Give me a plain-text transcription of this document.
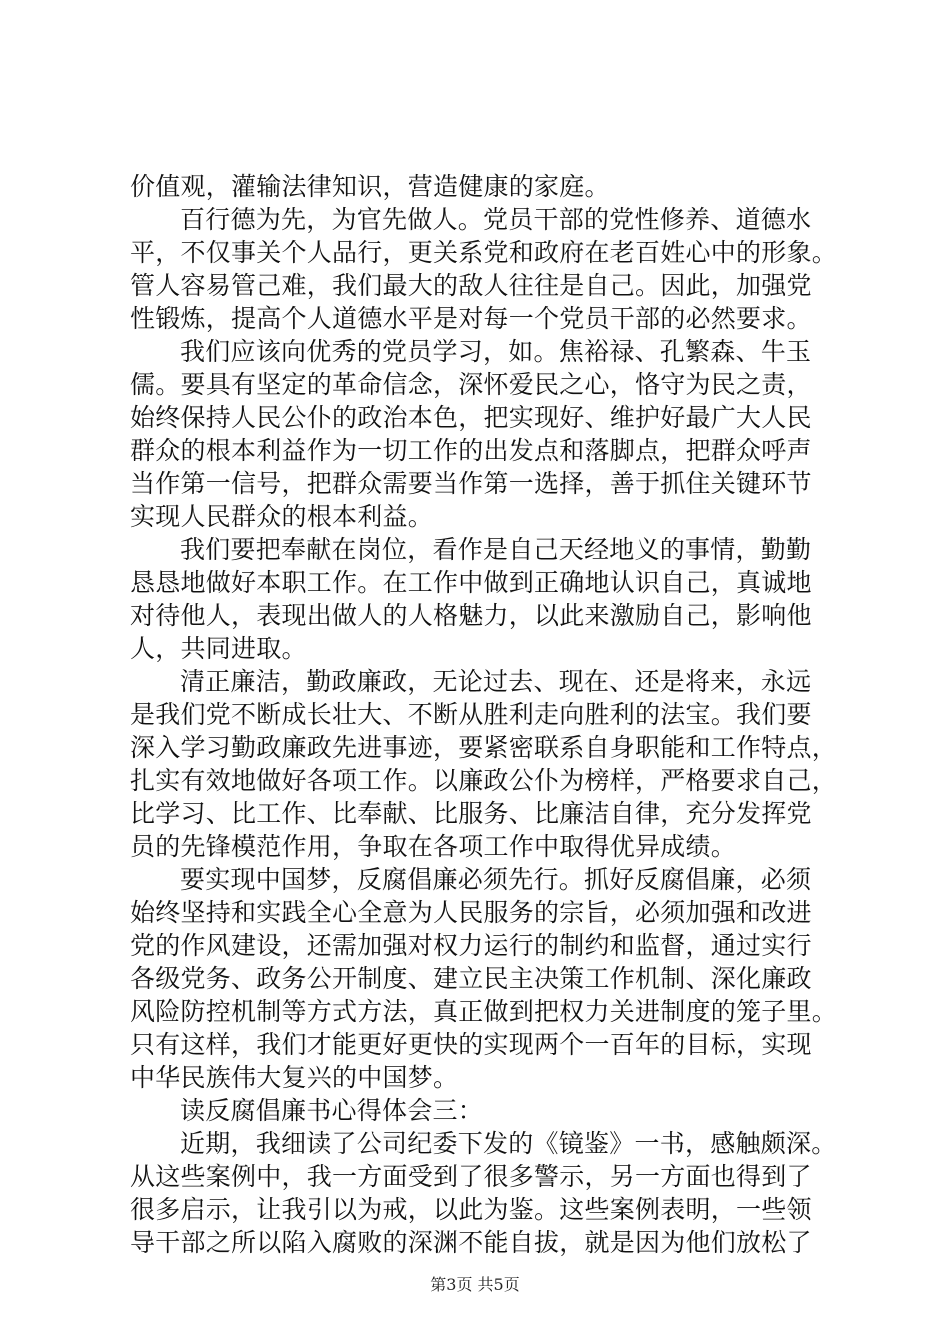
价值观，灌输法律知识，营造健康的家庭。

百行德为先，为官先做人。党员干部的党性修养、道德水

平，不仅事关个人品行，更关系党和政府在老百姓心中的形象。

管人容易管己难，我们最大的敌人往往是自己。因此，加强党

性锻炼，提高个人道德水平是对每一个党员干部的必然要求。

我们应该向优秀的党员学习，如。焦裕禄、孔繁森、牛玉

儒。要具有坚定的革命信念，深怀爱民之心，恪守为民之责，

始终保持人民公仆的政治本色，把实现好、维护好最广大人民

群众的根本利益作为一切工作的出发点和落脚点，把群众呼声

当作第一信号，把群众需要当作第一选择，善于抓住关键环节

实现人民群众的根本利益。

我们要把奉献在岗位，看作是自己天经地义的事情，勤勤

恳恳地做好本职工作。在工作中做到正确地认识自己，真诚地

对待他人，表现出做人的人格魅力，以此来激励自己，影响他

人，共同进取。

清正廉洁，勤政廉政，无论过去、现在、还是将来，永远

是我们党不断成长壮大、不断从胜利走向胜利的法宝。我们要

深入学习勤政廉政先进事迹，要紧密联系自身职能和工作特点，

扎实有效地做好各项工作。以廉政公仆为榜样，严格要求自己，

比学习、比工作、比奉献、比服务、比廉洁自律，充分发挥党

员的先锋模范作用，争取在各项工作中取得优异成绩。

要实现中国梦，反腐倡廉必须先行。抓好反腐倡廉，必须

始终坚持和实践全心全意为人民服务的宗旨，必须加强和改进

党的作风建设，还需加强对权力运行的制约和监督，通过实行

各级党务、政务公开制度、建立民主决策工作机制、深化廉政

风险防控机制等方式方法，真正做到把权力关进制度的笼子里。

只有这样，我们才能更好更快的实现两个一百年的目标，实现

中华民族伟大复兴的中国梦。

读反腐倡廉书心得体会三：

近期，我细读了公司纪委下发的《镜鉴》一书，感触颇深。

从这些案例中，我一方面受到了很多警示，另一方面也得到了

很多启示，让我引以为戒，以此为鉴。这些案例表明，一些领

导干部之所以陷入腐败的深渊不能自拔，就是因为他们放松了

第3页 共5页
